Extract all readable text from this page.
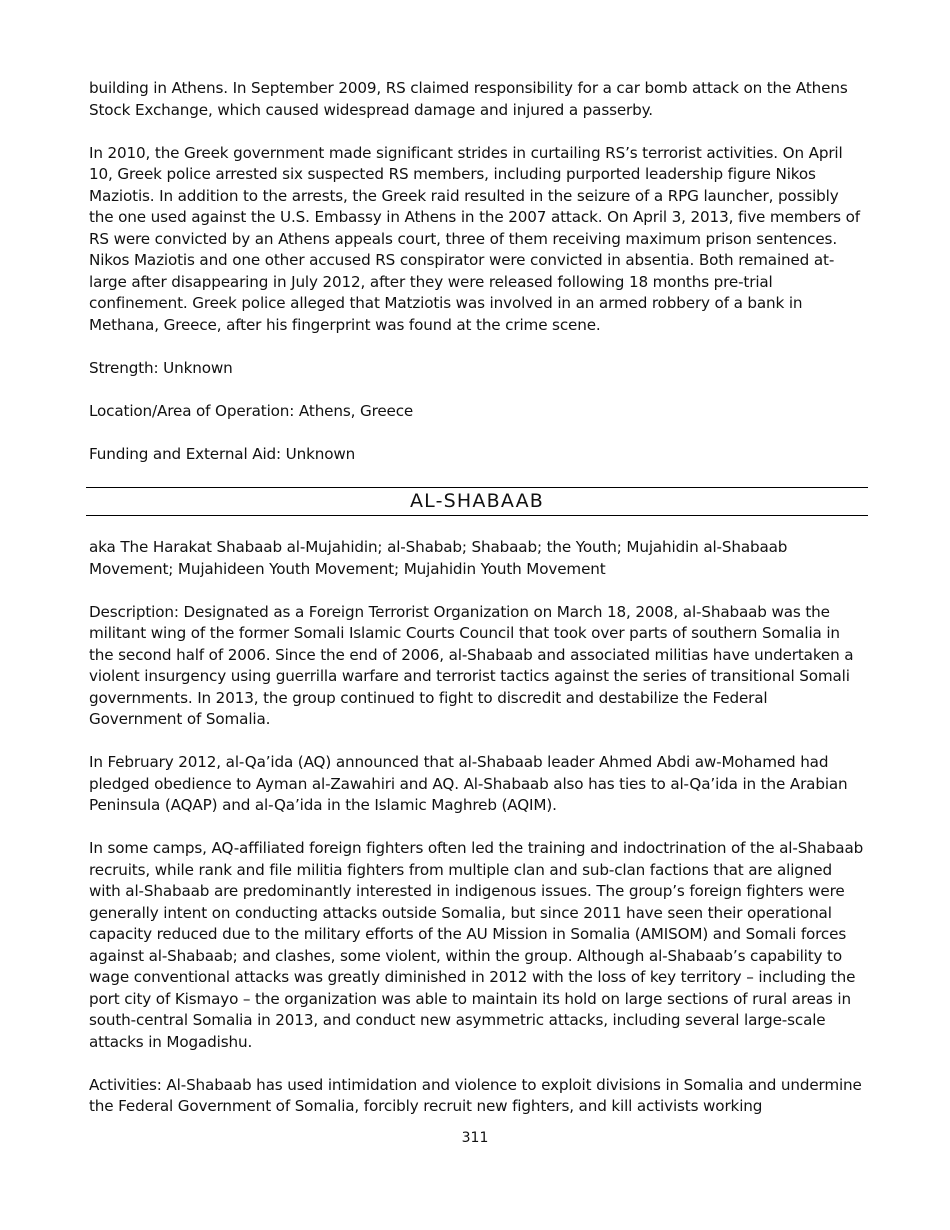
building in Athens. In September 2009, RS claimed responsibility for a car bomb attack on the Athens Stock Exchange, which caused widespread damage and injured a passerby.

In 2010, the Greek government made significant strides in curtailing RS’s terrorist activities. On April 10, Greek police arrested six suspected RS members, including purported leadership figure Nikos Maziotis. In addition to the arrests, the Greek raid resulted in the seizure of a RPG launcher, possibly the one used against the U.S. Embassy in Athens in the 2007 attack. On April 3, 2013, five members of RS were convicted by an Athens appeals court, three of them receiving maximum prison sentences. Nikos Maziotis and one other accused RS conspirator were convicted in absentia. Both remained at-large after disappearing in July 2012, after they were released following 18 months pre-trial confinement. Greek police alleged that Matziotis was involved in an armed robbery of a bank in Methana, Greece, after his fingerprint was found at the crime scene.

Strength: Unknown

Location/Area of Operation: Athens, Greece

Funding and External Aid: Unknown

AL-SHABAAB

aka The Harakat Shabaab al-Mujahidin; al-Shabab; Shabaab; the Youth; Mujahidin al-Shabaab Movement; Mujahideen Youth Movement; Mujahidin Youth Movement

Description: Designated as a Foreign Terrorist Organization on March 18, 2008, al-Shabaab was the militant wing of the former Somali Islamic Courts Council that took over parts of southern Somalia in the second half of 2006. Since the end of 2006, al-Shabaab and associated militias have undertaken a violent insurgency using guerrilla warfare and terrorist tactics against the series of transitional Somali governments. In 2013, the group continued to fight to discredit and destabilize the Federal Government of Somalia.

In February 2012, al-Qa’ida (AQ) announced that al-Shabaab leader Ahmed Abdi aw-Mohamed had pledged obedience to Ayman al-Zawahiri and AQ. Al-Shabaab also has ties to al-Qa’ida in the Arabian Peninsula (AQAP) and al-Qa’ida in the Islamic Maghreb (AQIM).

In some camps, AQ-affiliated foreign fighters often led the training and indoctrination of the al-Shabaab recruits, while rank and file militia fighters from multiple clan and sub-clan factions that are aligned with al-Shabaab are predominantly interested in indigenous issues. The group’s foreign fighters were generally intent on conducting attacks outside Somalia, but since 2011 have seen their operational capacity reduced due to the military efforts of the AU Mission in Somalia (AMISOM) and Somali forces against al-Shabaab; and clashes, some violent, within the group. Although al-Shabaab’s capability to wage conventional attacks was greatly diminished in 2012 with the loss of key territory – including the port city of Kismayo – the organization was able to maintain its hold on large sections of rural areas in south-central Somalia in 2013, and conduct new asymmetric attacks, including several large-scale attacks in Mogadishu.

Activities: Al-Shabaab has used intimidation and violence to exploit divisions in Somalia and undermine the Federal Government of Somalia, forcibly recruit new fighters, and kill activists working

311
